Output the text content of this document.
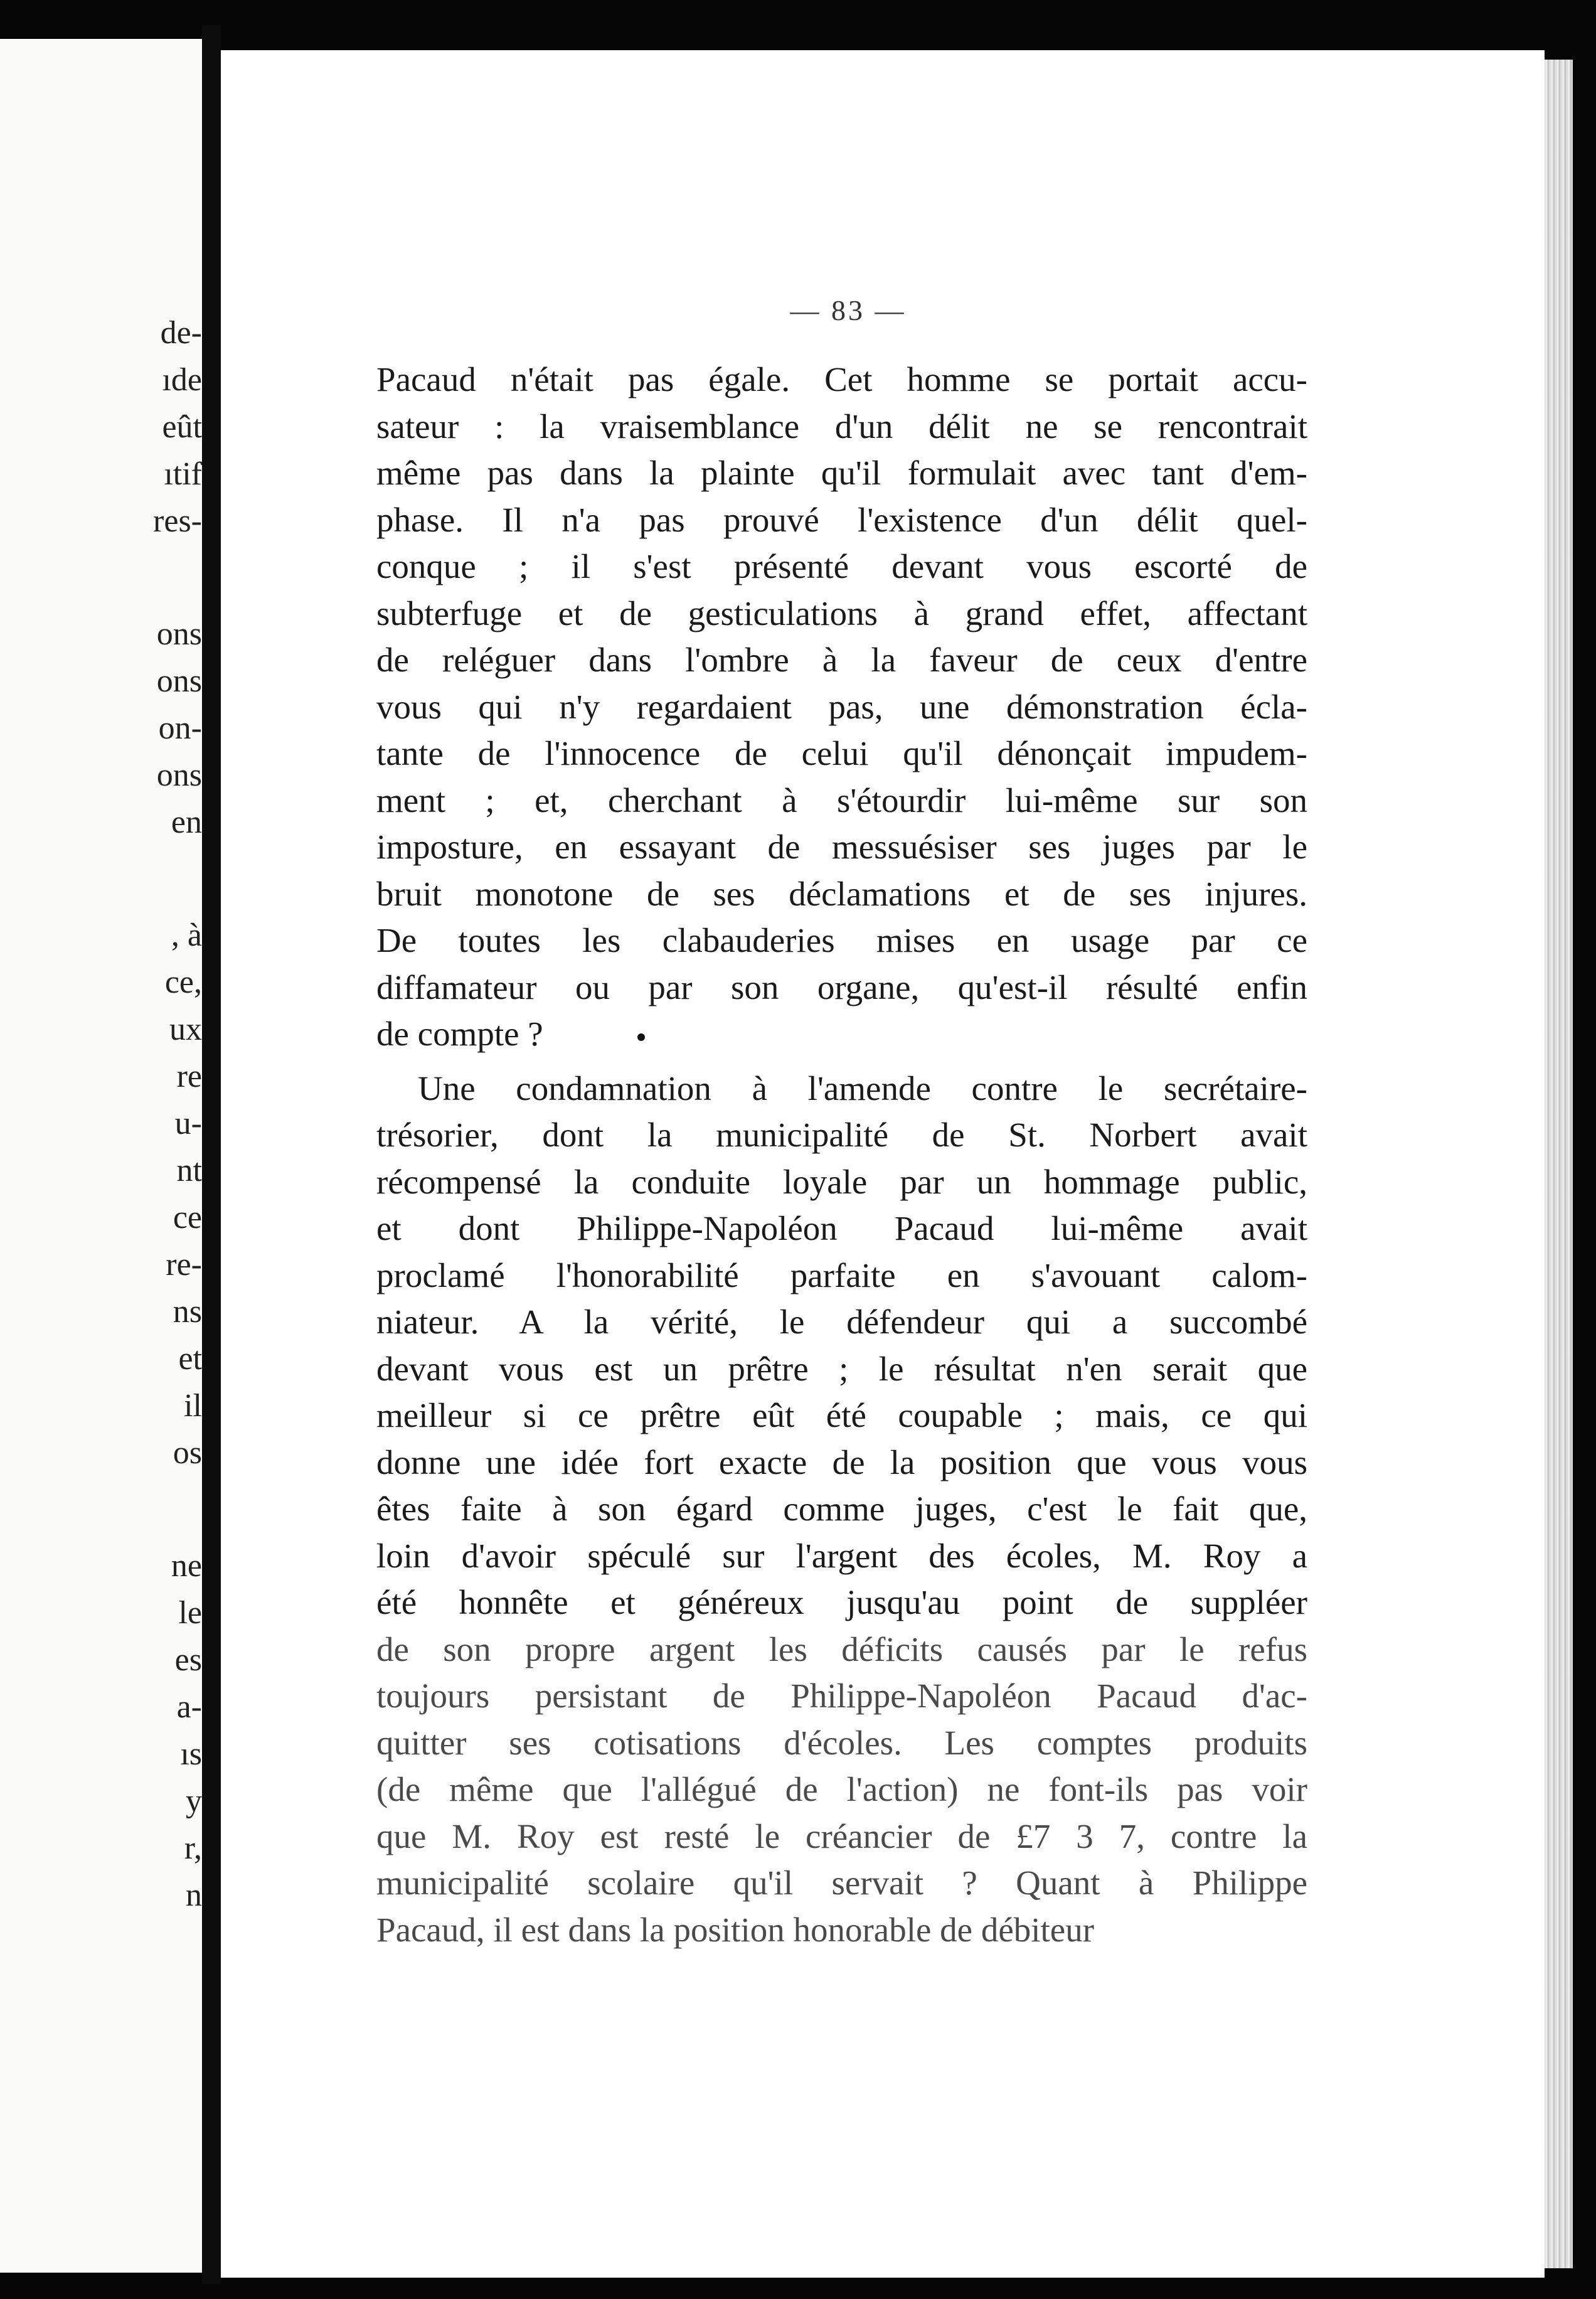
de-
ıde
eût
ıtif
res-
ons
ons
on-
ons
en
, à
ce,
ux
re
u-
nt
ce
re-
ns
et
il
os
ne
le
es
a-
ıs
y
r,
n
— 83 —
Pacaud n'était pas égale. Cet homme se portait accu-
sateur : la vraisemblance d'un délit ne se rencontrait
même pas dans la plainte qu'il formulait avec tant d'em-
phase. Il n'a pas prouvé l'existence d'un délit quel-
conque ; il s'est présenté devant vous escorté de
subterfuge et de gesticulations à grand effet, affectant
de reléguer dans l'ombre à la faveur de ceux d'entre
vous qui n'y regardaient pas, une démonstration écla-
tante de l'innocence de celui qu'il dénonçait impudem-
ment ; et, cherchant à s'étourdir lui-même sur son
imposture, en essayant de messuésiser ses juges par le
bruit monotone de ses déclamations et de ses injures.
De toutes les clabauderies mises en usage par ce
diffamateur ou par son organe, qu'est-il résulté enfin
de compte ?
Une condamnation à l'amende contre le secrétaire-
trésorier, dont la municipalité de St. Norbert avait
récompensé la conduite loyale par un hommage public,
et dont Philippe-Napoléon Pacaud lui-même avait
proclamé l'honorabilité parfaite en s'avouant calom-
niateur. A la vérité, le défendeur qui a succombé
devant vous est un prêtre ; le résultat n'en serait que
meilleur si ce prêtre eût été coupable ; mais, ce qui
donne une idée fort exacte de la position que vous vous
êtes faite à son égard comme juges, c'est le fait que,
loin d'avoir spéculé sur l'argent des écoles, M. Roy a
été honnête et généreux jusqu'au point de suppléer
de son propre argent les déficits causés par le refus
toujours persistant de Philippe-Napoléon Pacaud d'ac-
quitter ses cotisations d'écoles. Les comptes produits
(de même que l'allégué de l'action) ne font-ils pas voir
que M. Roy est resté le créancier de £7 3 7, contre la
municipalité scolaire qu'il servait ? Quant à Philippe
Pacaud, il est dans la position honorable de débiteur
